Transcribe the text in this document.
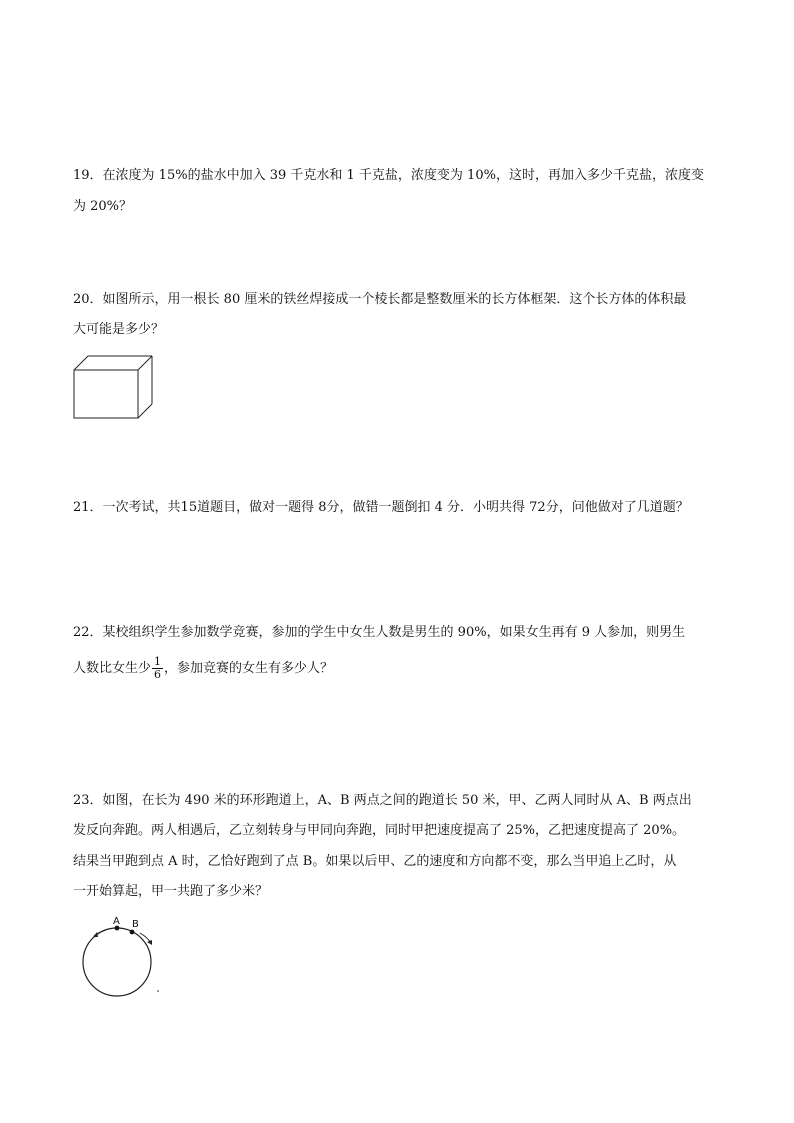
19．在浓度为 15%的盐水中加入 39 千克水和 1 千克盐，浓度变为 10%，这时，再加入多少千克盐，浓度变
为 20%？
20．如图所示，用一根长 80 厘米的铁丝焊接成一个棱长都是整数厘米的长方体框架．这个长方体的体积最
大可能是多少？
21．一次考试，共15道题目，做对一题得 8分，做错一题倒扣 4 分．小明共得 72分，问他做对了几道题？
22．某校组织学生参加数学竞赛，参加的学生中女生人数是男生的 90%，如果女生再有 9 人参加，则男生
人数比女生少 $\frac{1}{6}$ ，参加竞赛的女生有多少人？
23．如图，在长为 490 米的环形跑道上，A、B 两点之间的跑道长 50 米，甲、乙两人同时从 A、B 两点出
发反向奔跑。两人相遇后，乙立刻转身与甲同向奔跑，同时甲把速度提高了 25%，乙把速度提高了 20%。
结果当甲跑到点 A 时，乙恰好跑到了点 B。如果以后甲、乙的速度和方向都不变，那么当甲追上乙时，从
一开始算起，甲一共跑了多少米？
A B
